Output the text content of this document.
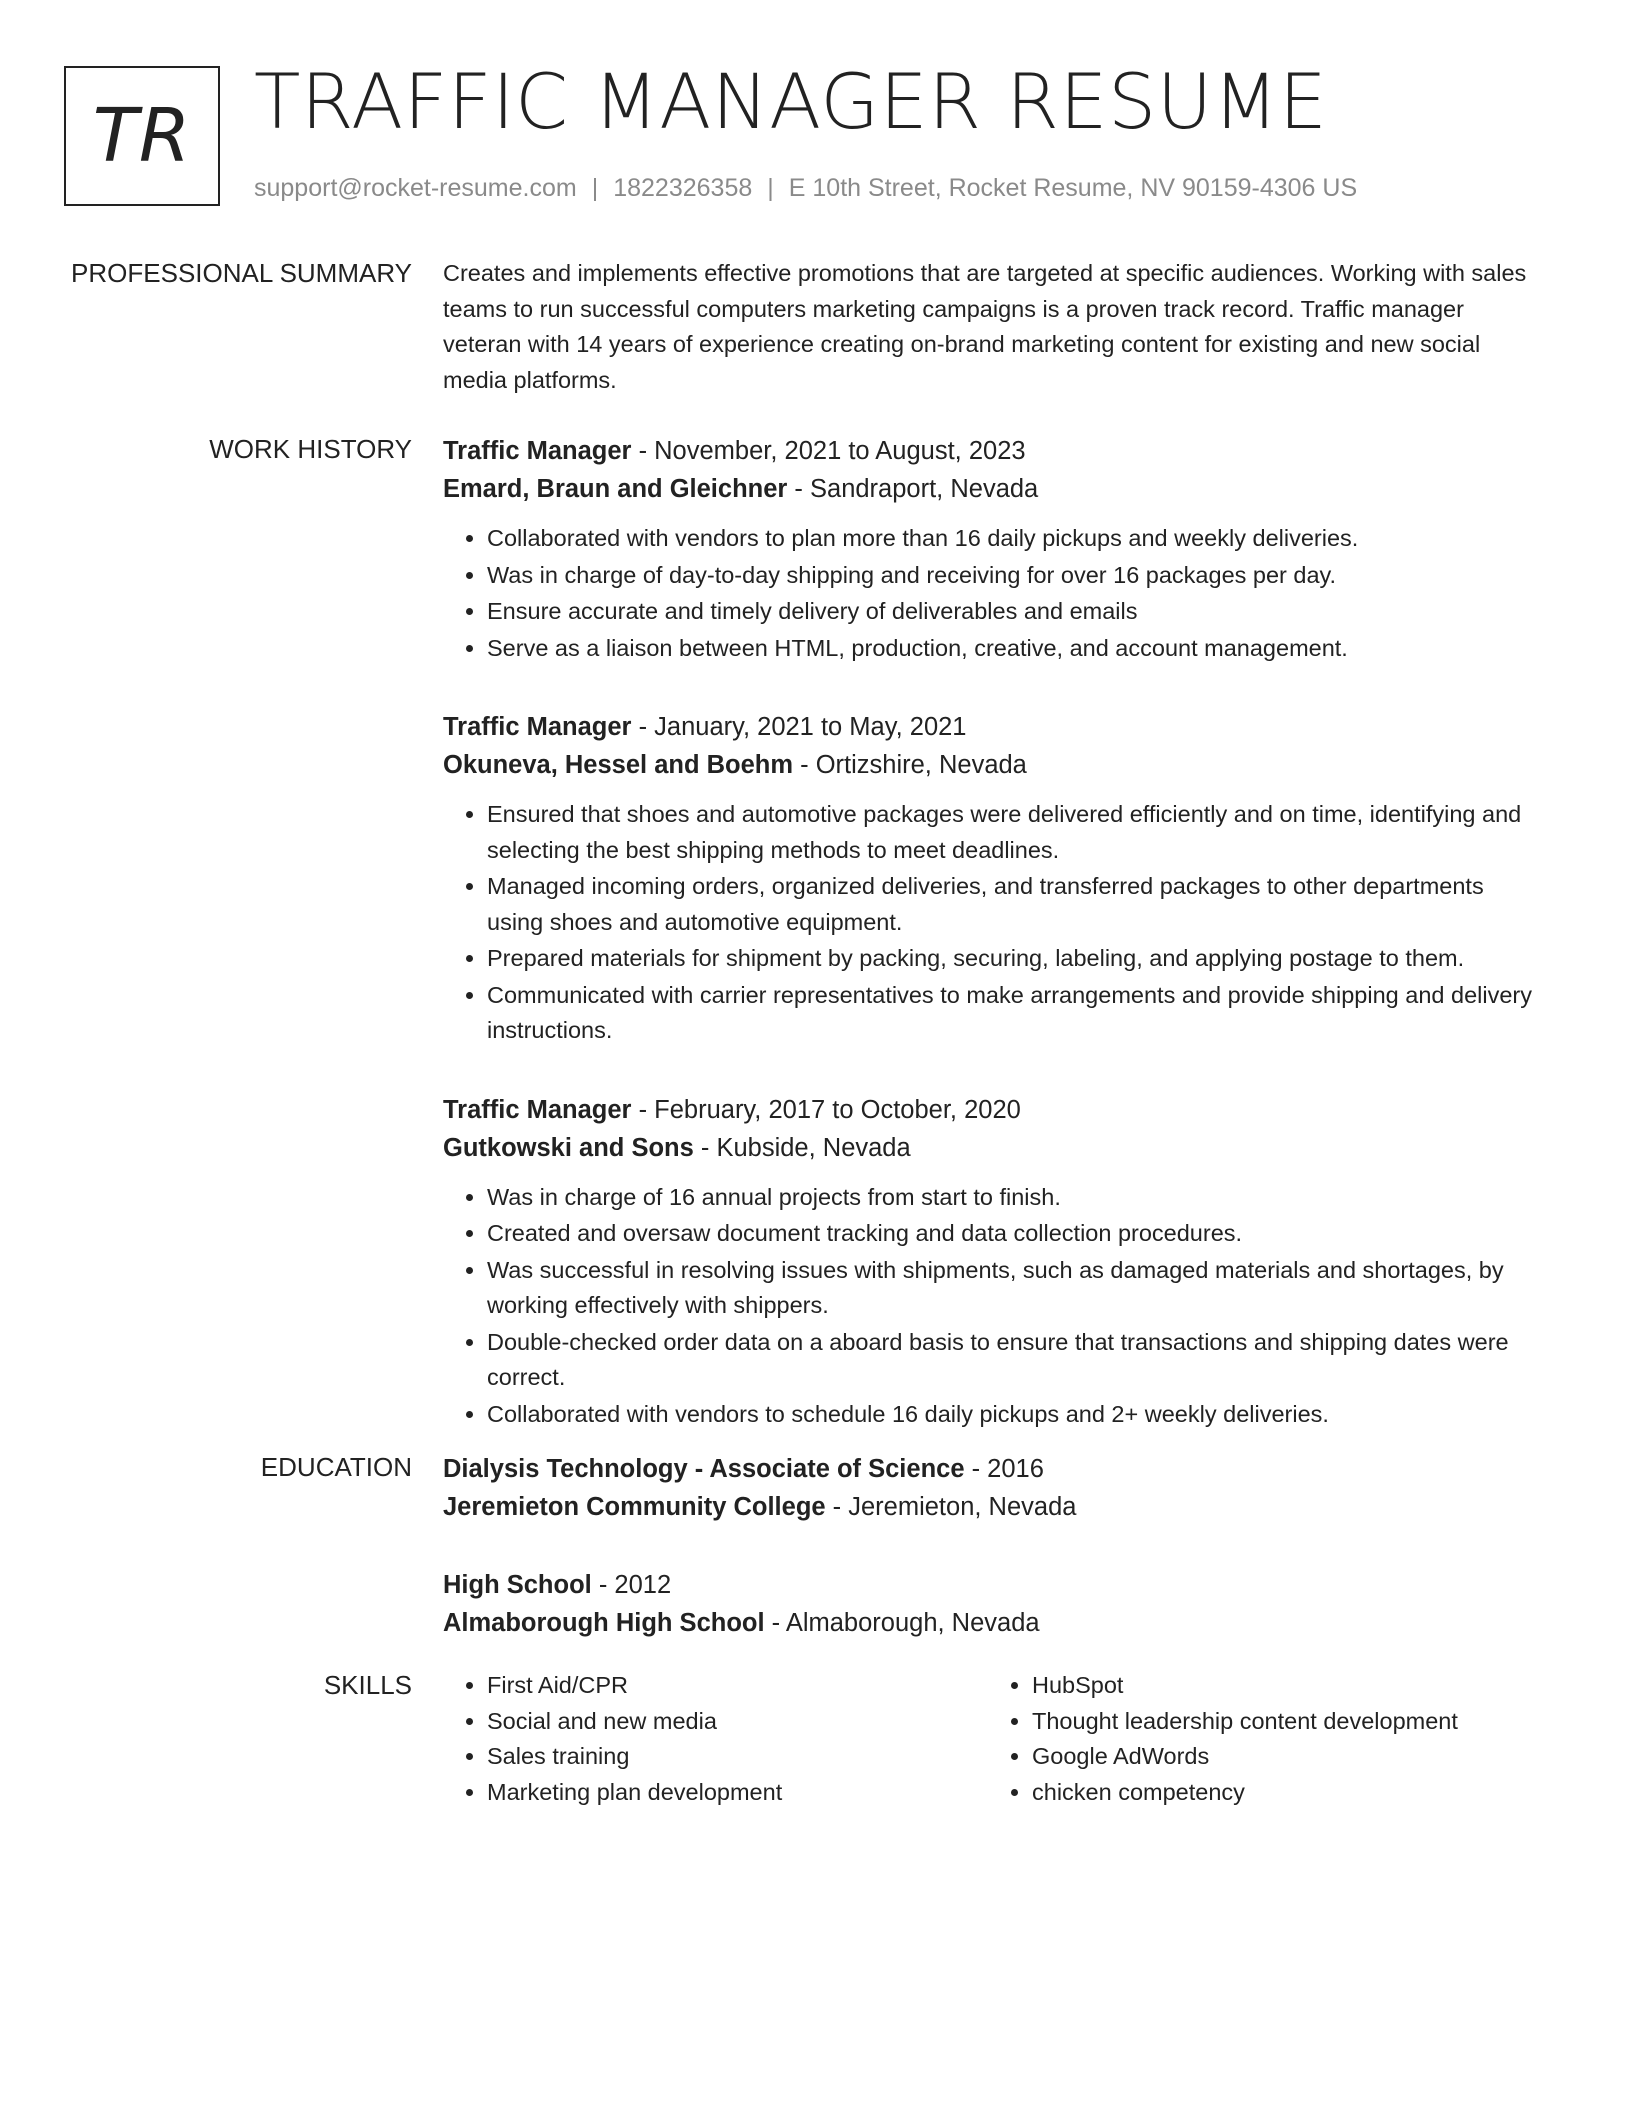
TR TRAFFIC MANAGER RESUME
support@rocket-resume.com | 1822326358 | E 10th Street, Rocket Resume, NV 90159-4306 US
PROFESSIONAL SUMMARY Creates and implements effective promotions that are targeted at specific audiences. Working with sales teams to run successful computers marketing campaigns is a proven track record. Traffic manager veteran with 14 years of experience creating on-brand marketing content for existing and new social media platforms.

WORK HISTORY Traffic Manager - November, 2021 to August, 2023

Emard, Braun and Gleichner - Sandraport, Nevada

• Collaborated with vendors to plan more than 16 daily pickups and weekly deliveries.
• Was in charge of day-to-day shipping and receiving for over 16 packages per day.
• Ensure accurate and timely delivery of deliverables and emails
• Serve as a liaison between HTML, production, creative, and account management.

Traffic Manager - January, 2021 to May, 2021

Okuneva, Hessel and Boehm - Ortizshire, Nevada

• Ensured that shoes and automotive packages were delivered efficiently and on time, identifying and selecting the best shipping methods to meet deadlines.
• Managed incoming orders, organized deliveries, and transferred packages to other departments using shoes and automotive equipment.
• Prepared materials for shipment by packing, securing, labeling, and applying postage to them.
• Communicated with carrier representatives to make arrangements and provide shipping and delivery instructions.

Traffic Manager - February, 2017 to October, 2020

Gutkowski and Sons - Kubside, Nevada

• Was in charge of 16 annual projects from start to finish.
• Created and oversaw document tracking and data collection procedures.
• Was successful in resolving issues with shipments, such as damaged materials and shortages, by working effectively with shippers.
• Double-checked order data on a aboard basis to ensure that transactions and shipping dates were correct.
• Collaborated with vendors to schedule 16 daily pickups and 2+ weekly deliveries.
EDUCATION Dialysis Technology - Associate of Science - 2016

Jeremieton Community College - Jeremieton, Nevada

High School - 2012

Almaborough High School - Almaborough, Nevada

SKILLS
•	First Aid/CPR
• Social and new media
• Sales training
• Marketing plan development
• HubSpot
• Thought leadership content development
• Google AdWords
• chicken competency
